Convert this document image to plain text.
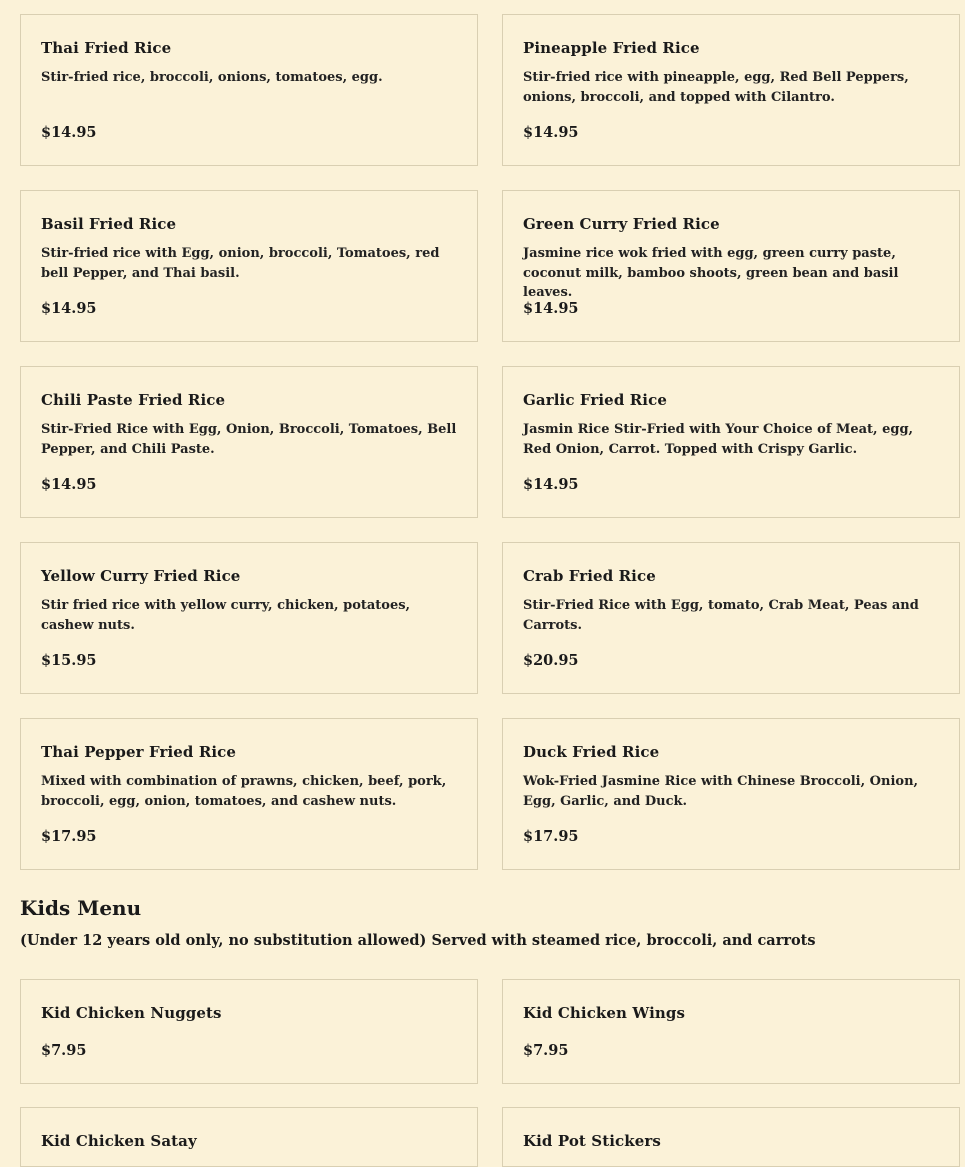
Thai Fried Rice

Stir-fried rice, broccoli, onions, tomatoes, egg.
$14.95

Pineapple Fried Rice

Stir-fried rice with pineapple, egg, Red Bell Peppers, onions, broccoli, and topped with Cilantro.
$14.95

Basil Fried Rice

Stir-fried rice with Egg, onion, broccoli, Tomatoes, red bell Pepper, and Thai basil.
$14.95

Green Curry Fried Rice

Jasmine rice wok fried with egg, green curry paste, coconut milk, bamboo shoots, green bean and basil leaves.
$14.95

Chili Paste Fried Rice

Stir-Fried Rice with Egg, Onion, Broccoli, Tomatoes, Bell Pepper, and Chili Paste.
$14.95

Garlic Fried Rice

Jasmin Rice Stir-Fried with Your Choice of Meat, egg, Red Onion, Carrot. Topped with Crispy Garlic.
$14.95

Yellow Curry Fried Rice

Stir fried rice with yellow curry, chicken, potatoes, cashew nuts.
$15.95

Crab Fried Rice

Stir-Fried Rice with Egg, tomato, Crab Meat, Peas and Carrots.
$20.95

Thai Pepper Fried Rice

Mixed with combination of prawns, chicken, beef, pork, broccoli, egg, onion, tomatoes, and cashew nuts.
$17.95

Duck Fried Rice

Wok-Fried Jasmine Rice with Chinese Broccoli, Onion, Egg, Garlic, and Duck.
$17.95
Kids Menu

(Under 12 years old only, no substitution allowed) Served with steamed rice, broccoli, and carrots

Kid Chicken Nuggets

$7.95

Kid Chicken Wings

$7.95

Kid Chicken Satay	Kid Pot Stickers
